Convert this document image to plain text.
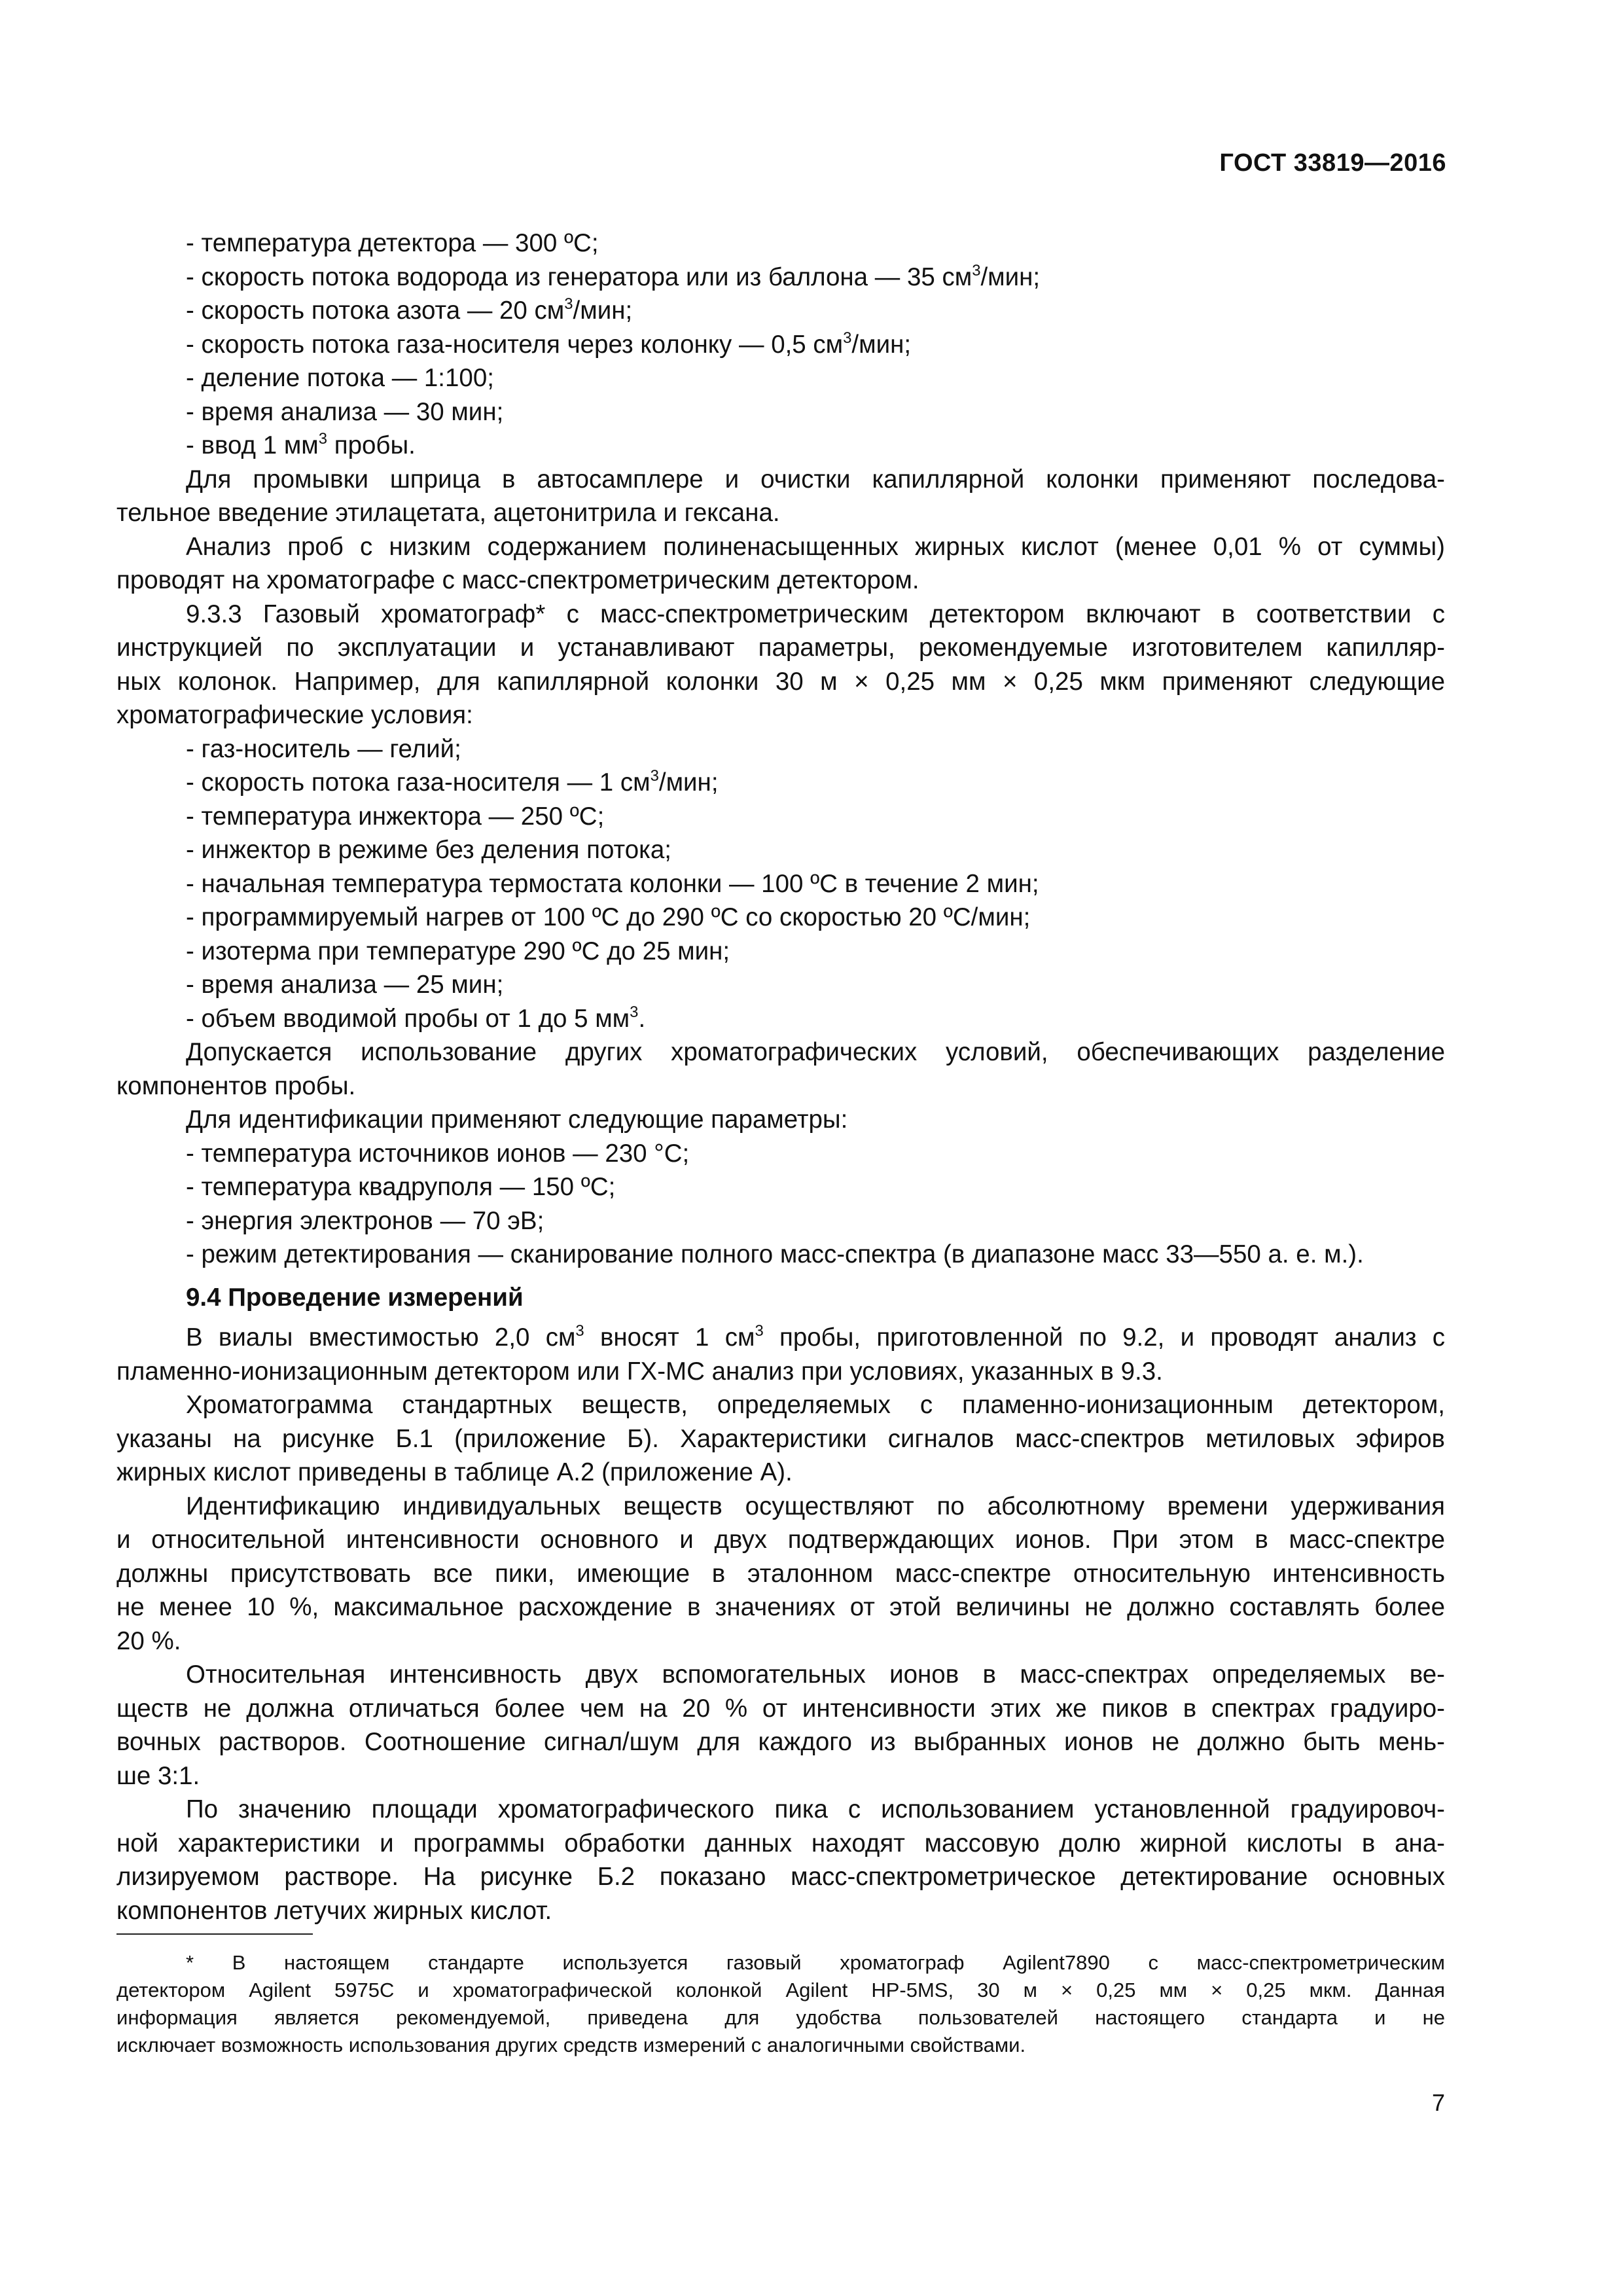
ГОСТ 33819—2016
- температура детектора — 300 ºС;
- скорость потока водорода из генератора или из баллона — 35 $см^3$/мин;
- скорость потока азота — 20 $см^3$/мин;
- скорость потока газа-носителя через колонку — 0,5 $см^3$/мин;
- деление потока — 1:100;
- время анализа — 30 мин;
- ввод 1 $мм^3$ пробы.
Для промывки шприца в автосамплере и очистки капиллярной колонки применяют последова-
тельное введение этилацетата, ацетонитрила и гексана.
Анализ проб с низким содержанием полиненасыщенных жирных кислот (менее 0,01 % от суммы)
проводят на хроматографе с масс-спектрометрическим детектором.
9.3.3 Газовый хроматограф* с масс-спектрометрическим детектором включают в соответствии с
инструкцией по эксплуатации и устанавливают параметры, рекомендуемые изготовителем капилляр-
ных колонок. Например, для капиллярной колонки 30 м × 0,25 мм × 0,25 мкм применяют следующие
хроматографические условия:
- газ-носитель — гелий;
- скорость потока газа-носителя — 1 $см^3$/мин;
- температура инжектора — 250 ºС;
- инжектор в режиме без деления потока;
- начальная температура термостата колонки — 100 ºС в течение 2 мин;
- программируемый нагрев от 100 ºС до 290 ºС со скоростью 20 ºС/мин;
- изотерма при температуре 290 ºС до 25 мин;
- время анализа — 25 мин;
- объем вводимой пробы от 1 до 5 $мм^3$.
Допускается использование других хроматографических условий, обеспечивающих разделение
компонентов пробы.
Для идентификации применяют следующие параметры:
- температура источников ионов — 230 °С;
- температура квадруполя — 150 ºС;
- энергия электронов — 70 эВ;
- режим детектирования — сканирование полного масс-спектра (в диапазоне масс 33—550 а. е. м.).
9.4 Проведение измерений
В виалы вместимостью 2,0 $см^3$ вносят 1 $см^3$ пробы, приготовленной по 9.2, и проводят анализ с
пламенно-ионизационным детектором или ГХ-МС анализ при условиях, указанных в 9.3.
Хроматограмма стандартных веществ, определяемых с пламенно-ионизационным детектором,
указаны на рисунке Б.1 (приложение Б). Характеристики сигналов масс-спектров метиловых эфиров
жирных кислот приведены в таблице А.2 (приложение А).
Идентификацию индивидуальных веществ осуществляют по абсолютному времени удерживания
и относительной интенсивности основного и двух подтверждающих ионов. При этом в масс-спектре
должны присутствовать все пики, имеющие в эталонном масс-спектре относительную интенсивность
не менее 10 %, максимальное расхождение в значениях от этой величины не должно составлять более
20 %.
Относительная интенсивность двух вспомогательных ионов в масс-спектрах определяемых ве-
ществ не должна отличаться более чем на 20 % от интенсивности этих же пиков в спектрах градуиро-
вочных растворов. Соотношение сигнал/шум для каждого из выбранных ионов не должно быть мень-
ше 3:1.
По значению площади хроматографического пика с использованием установленной градуировоч-
ной характеристики и программы обработки данных находят массовую долю жирной кислоты в ана-
лизируемом растворе. На рисунке Б.2 показано масс-спектрометрическое детектирование основных
компонентов летучих жирных кислот.
* В настоящем стандарте используется газовый хроматограф Agilent7890 с масс-спектрометрическим
детектором Agilent 5975С и хроматографической колонкой Agilent HP-5MS, 30 м × 0,25 мм × 0,25 мкм. Данная
информация является рекомендуемой, приведена для удобства пользователей настоящего стандарта и не
исключает возможность использования других средств измерений с аналогичными свойствами.
7
